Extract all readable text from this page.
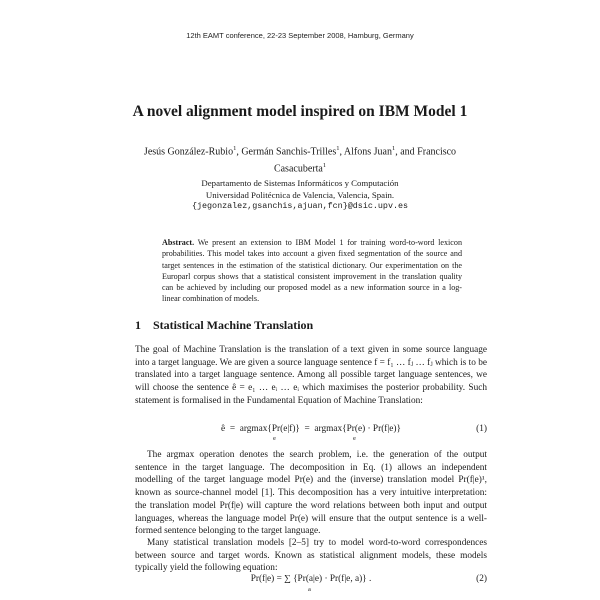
12th EAMT conference, 22-23 September 2008, Hamburg, Germany
A novel alignment model inspired on IBM Model 1
Jesús González-Rubio$^1$, Germán Sanchis-Trilles$^1$, Alfons Juan$^1$, and Francisco
Casacuberta$^1$
Departamento de Sistemas Informáticos y Computación
Universidad Politécnica de Valencia, Valencia, Spain.
{jegonzalez,gsanchis,ajuan,fcn}@dsic.upv.es
Abstract. We present an extension to IBM Model 1 for training word-to-word lexicon probabilities. This model takes into account a given fixed segmentation of the source and target sentences in the estimation of the statistical dictionary. Our experimentation on the Europarl corpus shows that a statistical consistent improvement in the translation quality can be achieved by including our proposed model as a new information source in a log-linear combination of models.
1 Statistical Machine Translation
The goal of Machine Translation is the translation of a text given in some source language into a target language. We are given a source language sentence f = f₁ … fⱼ … fⱼ which is to be translated into a target language sentence. Among all possible target language sentences, we will choose the sentence ê = e₁ … eᵢ … eᵢ which maximises the posterior probability. Such statement is formalised in the Fundamental Equation of Machine Translation:
ê  =  argmax{Pr(e|f)}  =  argmax{Pr(e) · Pr(f|e)}
e	e
(1)
The argmax operation denotes the search problem, i.e. the generation of the output sentence in the target language. The decomposition in Eq. (1) allows an independent modelling of the target language model Pr(e) and the (inverse) translation model Pr(f|e)¹, known as source-channel model [1]. This decomposition has a very intuitive interpretation: the translation model Pr(f|e) will capture the word relations between both input and output languages, whereas the language model Pr(e) will ensure that the output sentence is a well-formed sentence belonging to the target language.
Many statistical translation models [2–5] try to model word-to-word correspondences between source and target words. Known as statistical alignment models, these models typically yield the following equation:
Pr(f|e) = ∑ {Pr(a|e) · Pr(f|e, a)} .
a
(2)
